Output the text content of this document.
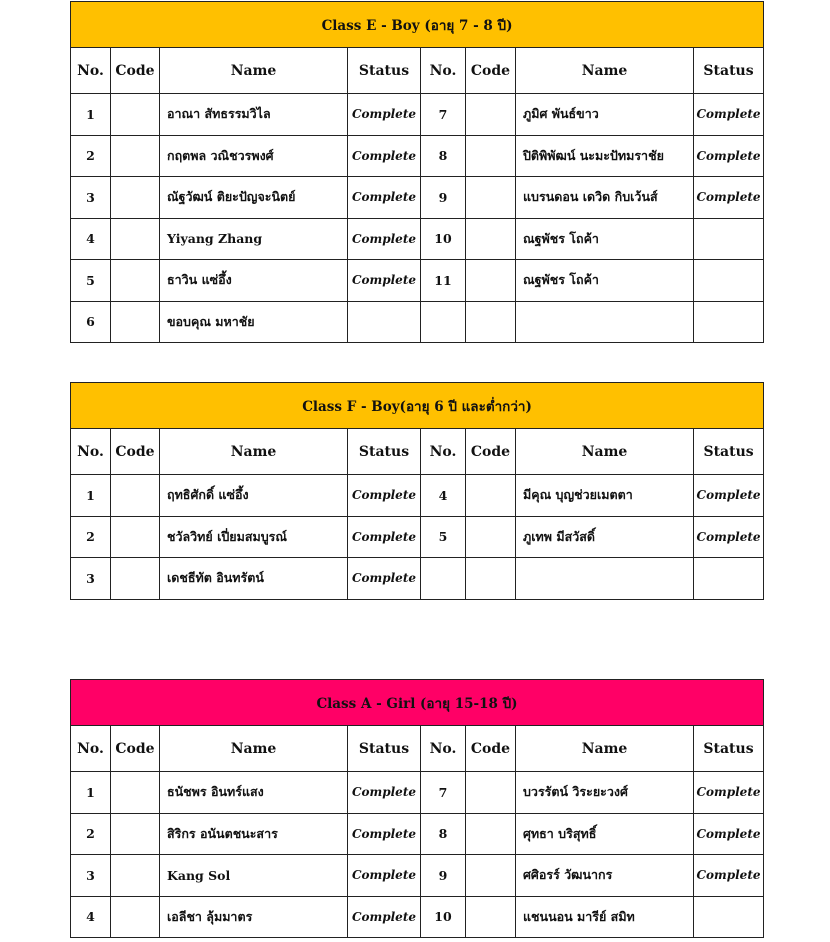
Class E - Boy (อายุ 7 - 8 ปี)							
No.	Code	Name	Status	No.	Code	Name	Status
1		อาณา สัทธรรมวิไล	Complete	7		ภูมิศ พันธ์ขาว	Complete
2		กฤตพล วณิชวรพงศ์	Complete	8		ปิติพิพัฒน์ นะมะปัทมราชัย	Complete
3		ณัฐวัฒน์ ติยะปัญจะนิตย์	Complete	9		แบรนดอน เดวิด กิบเว้นส์	Complete
4		Yiyang Zhang	Complete	10		ณฐพัชร โถค้า	
5		ธาวิน แซ่อึ้ง	Complete	11		ณฐพัชร โถค้า	
6		ขอบคุณ มหาชัย					
Class F - Boy(อายุ 6 ปี และต่ำกว่า)							
No.	Code	Name	Status	No.	Code	Name	Status
1		ฤทธิศักดิ์ แซ่อึ้ง	Complete	4		มีคุณ บุญช่วยเมตตา	Complete
2		ชวัลวิทย์ เปี่ยมสมบูรณ์	Complete	5		ภูเทพ มีสวัสดิ์	Complete
3		เดชธีทัต อินทรัตน์	Complete				
Class A - Girl (อายุ 15-18 ปี)							
No.	Code	Name	Status	No.	Code	Name	Status
1		ธนัชพร อินทร์แสง	Complete	7		บวรรัตน์ วิระยะวงศ์	Complete
2		สิริกร อนันตชนะสาร	Complete	8		ศุทธา บริสุทธิ์	Complete
3		Kang Sol	Complete	9		ศศิอรร์ วัฒนากร	Complete
4		เอลีชา ลุ้มมาตร	Complete	10		แชนนอน มารีย์ สมิท	
